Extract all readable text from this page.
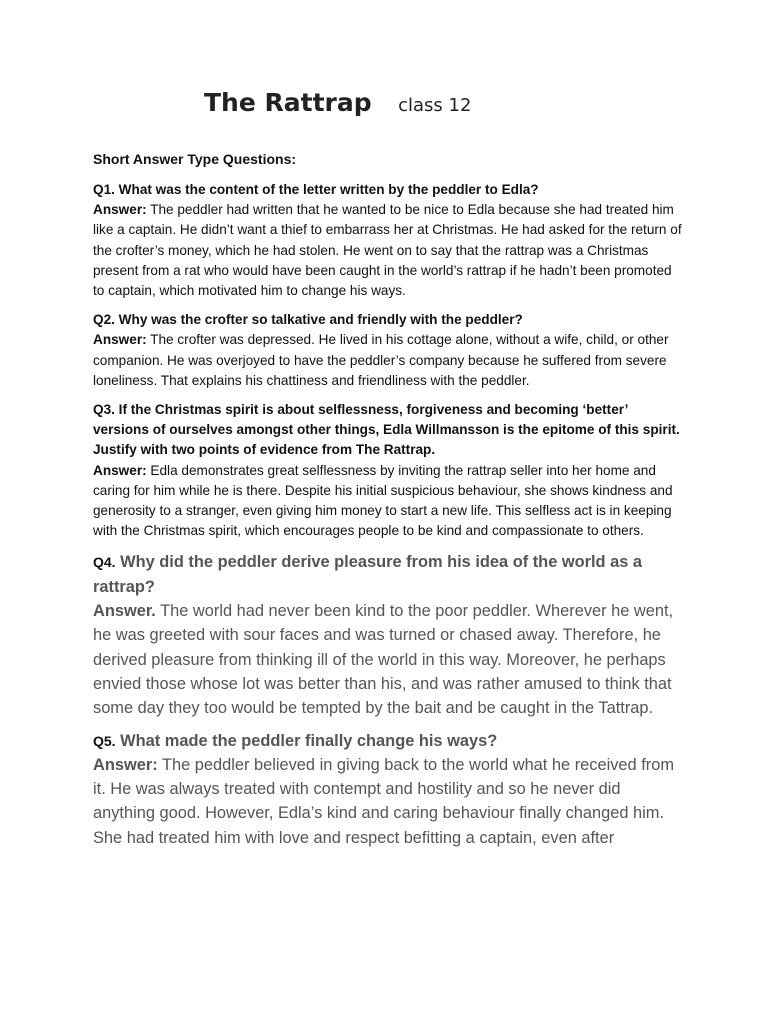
The Rattrap class 12

Short Answer Type Questions:

Q1. What was the content of the letter written by the peddler to Edla?

Answer: The peddler had written that he wanted to be nice to Edla because she had treated him like a captain. He didn’t want a thief to embarrass her at Christmas. He had asked for the return of the crofter’s money, which he had stolen. He went on to say that the rattrap was a Christmas present from a rat who would have been caught in the world’s rattrap if he hadn’t been promoted to captain, which motivated him to change his ways.

Q2. Why was the crofter so talkative and friendly with the peddler?

Answer: The crofter was depressed. He lived in his cottage alone, without a wife, child, or other companion. He was overjoyed to have the peddler’s company because he suffered from severe loneliness. That explains his chattiness and friendliness with the peddler.

Q3. If the Christmas spirit is about selflessness, forgiveness and becoming ‘better’ versions of ourselves amongst other things, Edla Willmansson is the epitome of this spirit. Justify with two points of evidence from The Rattrap.

Answer: Edla demonstrates great selflessness by inviting the rattrap seller into her home and caring for him while he is there. Despite his initial suspicious behaviour, she shows kindness and generosity to a stranger, even giving him money to start a new life. This selfless act is in keeping with the Christmas spirit, which encourages people to be kind and compassionate to others.

Q4. Why did the peddler derive pleasure from his idea of the world as a rattrap?

Answer. The world had never been kind to the poor peddler. Wherever he went, he was greeted with sour faces and was turned or chased away. Therefore, he derived pleasure from thinking ill of the world in this way. Moreover, he perhaps envied those whose lot was better than his, and was rather amused to think that some day they too would be tempted by the bait and be caught in the Tattrap.

Q5. What made the peddler finally change his ways?

Answer: The peddler believed in giving back to the world what he received from it. He was always treated with contempt and hostility and so he never did anything good. However, Edla’s kind and caring behaviour finally changed him. She had treated him with love and respect befitting a captain, even after
